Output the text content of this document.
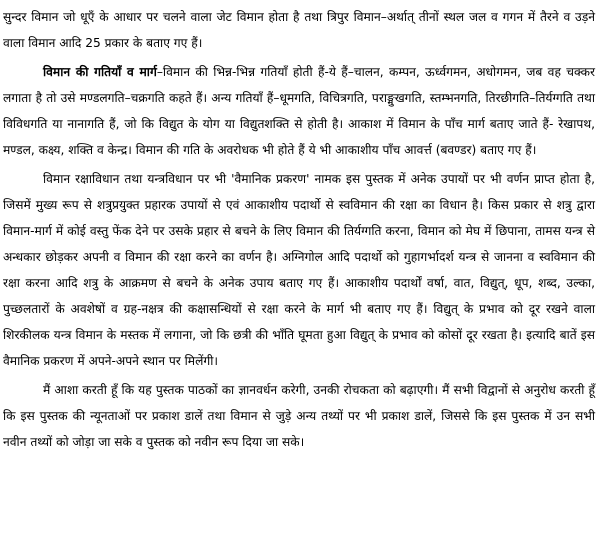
सुन्दर विमान जो धूएँ के आधार पर चलने वाला जेट विमान होता है तथा त्रिपुर विमान–अर्थात् तीनों स्थल जल व गगन में तैरने व उड़ने वाला विमान आदि 25 प्रकार के बताए गए हैं।

विमान की गतियाँ व मार्ग–विमान की भिन्न-भिन्न गतियाँ होती हैं-ये हैं–चालन, कम्पन, ऊर्ध्वगमन, अधोगमन, जब वह चक्कर लगाता है तो उसे मण्डलगति–चक्रगति कहते हैं। अन्य गतियाँ हैं–धूमगति, विचित्रगति, पराङ्मुखगति, स्तम्भनगति, तिरछीगति–तिर्यग्गति तथा विविधगति या नानागति हैं, जो कि विद्युत के योग या विद्युतशक्ति से होती है। आकाश में विमान के पाँच मार्ग बताए जाते हैं- रेखापथ, मण्डल, कक्ष्य, शक्ति व केन्द्र। विमान की गति के अवरोधक भी होते हैं ये भी आकाशीय पाँच आवर्त्त (बवण्डर) बताए गए हैं।

विमान रक्षाविधान तथा यन्त्रविधान पर भी 'वैमानिक प्रकरण' नामक इस पुस्तक में अनेक उपायों पर भी वर्णन प्राप्त होता है, जिसमें मुख्य रूप से शत्रुप्रयुक्त प्रहारक उपायों से एवं आकाशीय पदार्थो से स्वविमान की रक्षा का विधान है। किस प्रकार से शत्रु द्वारा विमान-मार्ग में कोई वस्तु फेंक देने पर उसके प्रहार से बचने के लिए विमान की तिर्यग्गति करना, विमान को मेघ में छिपाना, तामस यन्त्र से अन्धकार छोड़कर अपनी व विमान की रक्षा करने का वर्णन है। अग्निगोल आदि पदार्थो को गुहागर्भादर्श यन्त्र से जानना व स्वविमान की रक्षा करना आदि शत्रु के आक्रमण से बचने के अनेक उपाय बताए गए हैं। आकाशीय पदार्थों वर्षा, वात, विद्युत्, धूप, शब्द, उल्का, पुच्छलतारों के अवशेषों व ग्रह-नक्षत्र की कक्षासन्धियों से रक्षा करने के मार्ग भी बताए गए हैं। विद्युत् के प्रभाव को दूर रखने वाला शिरकीलक यन्त्र विमान के मस्तक में लगाना, जो कि छत्री की भाँति घूमता हुआ विद्युत् के प्रभाव को कोसों दूर रखता है। इत्यादि बातें इस वैमानिक प्रकरण में अपने-अपने स्थान पर मिलेंगी।

मैं आशा करती हूँ कि यह पुस्तक पाठकों का ज्ञानवर्धन करेगी, उनकी रोचकता को बढ़ाएगी। मैं सभी विद्वानों से अनुरोध करती हूँ कि इस पुस्तक की न्यूनताओं पर प्रकाश डालें तथा विमान से जुड़े अन्य तथ्यों पर भी प्रकाश डालें, जिससे कि इस पुस्तक में उन सभी नवीन तथ्यों को जोड़ा जा सके व पुस्तक को नवीन रूप दिया जा सके।
